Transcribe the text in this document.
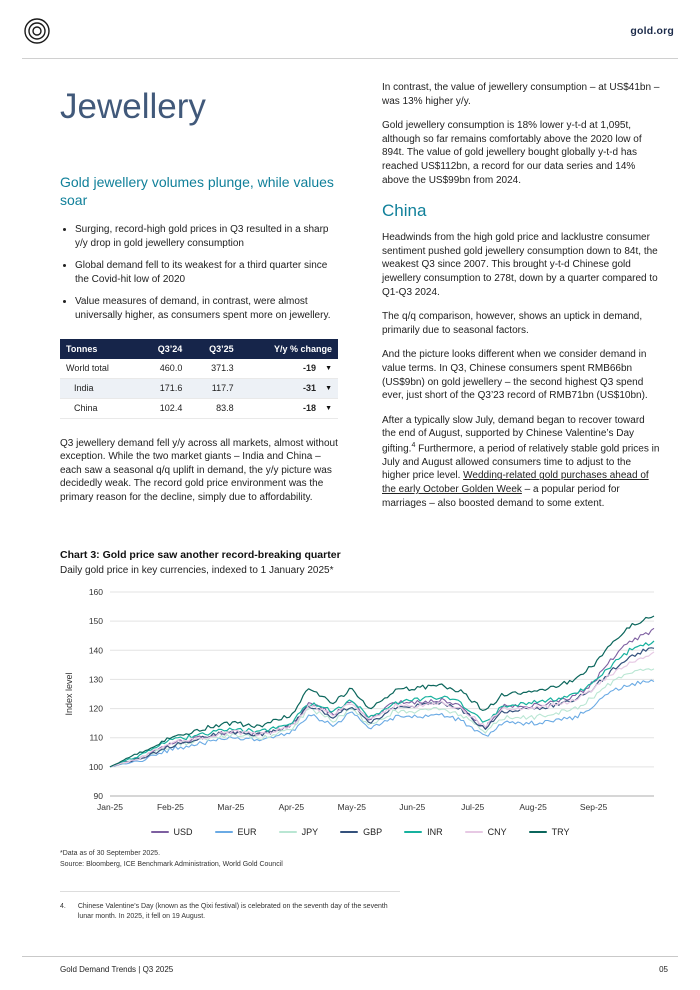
gold.org
Jewellery
Gold jewellery volumes plunge, while values soar
• Surging, record-high gold prices in Q3 resulted in a sharp y/y drop in gold jewellery consumption
• Global demand fell to its weakest for a third quarter since the Covid-hit low of 2020
• Value measures of demand, in contrast, were almost universally higher, as consumers spent more on jewellery.
Tonnes	Q3’24	Q3’25	Y/y % change
World total	460.0	371.3	-19 ▼

India	171.6	117.7	-31 ▼

China	102.4	83.8	-18 ▼

Q3 jewellery demand fell y/y across all markets, almost without exception. While the two market giants – India and China – each saw a seasonal q/q uplift in demand, the y/y picture was decidedly weak. The record gold price environment was the primary reason for the decline, simply due to affordability.

In contrast, the value of jewellery consumption – at US$41bn – was 13% higher y/y.

Gold jewellery consumption is 18% lower y-t-d at 1,095t, although so far remains comfortably above the 2020 low of 894t. The value of gold jewellery bought globally y-t-d has reached US$112bn, a record for our data series and 14% above the US$99bn from 2024.

China

Headwinds from the high gold price and lacklustre consumer sentiment pushed gold jewellery consumption down to 84t, the weakest Q3 since 2007. This brought y-t-d Chinese gold jewellery consumption to 278t, down by a quarter compared to Q1-Q3 2024.

The q/q comparison, however, shows an uptick in demand, primarily due to seasonal factors.

And the picture looks different when we consider demand in value terms. In Q3, Chinese consumers spent RMB66bn (US$9bn) on gold jewellery – the second highest Q3 spend ever, just short of the Q3’23 record of RMB71bn (US$10bn).

After a typically slow July, demand began to recover toward the end of August, supported by Chinese Valentine’s Day gifting.$^4$ Furthermore, a period of relatively stable gold prices in July and August allowed consumers time to adjust to the higher price level. Wedding-related gold purchases ahead of the early October Golden Week – a popular period for marriages – also boosted demand to some extent.

Chart 3: Gold price saw another record-breaking quarter
Daily gold price in key currencies, indexed to 1 January 2025*
90
100
110
120
130
140
150
160
Jan-25	Feb-25	Mar-25	Apr-25	May-25	Jun-25	Jul-25	Aug-25	Sep-25
Index level
USD	EUR	JPY	GBP	INR	CNY	TRY
*Data as of 30 September 2025.
Source: Bloomberg, ICE Benchmark Administration, World Gold Council
4. Chinese Valentine’s Day (known as the Qixi festival) is celebrated on the seventh day of the seventh lunar month. In 2025, it fell on 19 August.
Gold Demand Trends | Q3 2025	05
